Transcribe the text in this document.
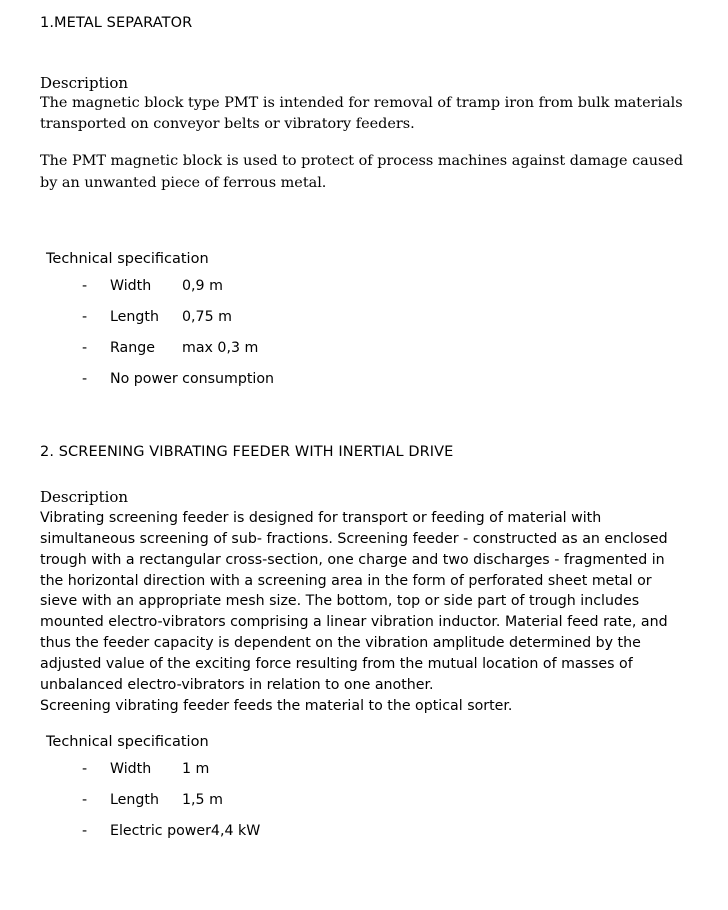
1.METAL SEPARATOR

Description

The magnetic block type PMT is intended for removal of tramp iron from bulk materials transported on conveyor belts or vibratory feeders.

The PMT magnetic block is used to protect of process machines against damage caused by an unwanted piece of ferrous metal.

Technical specification

-	Width	0,9 m
-	Length	0,75 m
-	Range	max 0,3 m
-	No power consumption

2. SCREENING VIBRATING FEEDER WITH INERTIAL DRIVE

Description

Vibrating screening feeder is designed for transport or feeding of material with simultaneous screening of sub- fractions. Screening feeder - constructed as an enclosed trough with a rectangular cross-section, one charge and two discharges - fragmented in the horizontal direction with a screening area in the form of perforated sheet metal or sieve with an appropriate mesh size. The bottom, top or side part of trough includes mounted electro-vibrators comprising a linear vibration inductor. Material feed rate, and thus the feeder capacity is dependent on the vibration amplitude determined by the adjusted value of the exciting force resulting from the mutual location of masses of unbalanced electro-vibrators in relation to one another.

Screening vibrating feeder feeds the material to the optical sorter.

Technical specification

-	Width	1 m
-	Length	1,5 m
-	Electric power4,4 kW
